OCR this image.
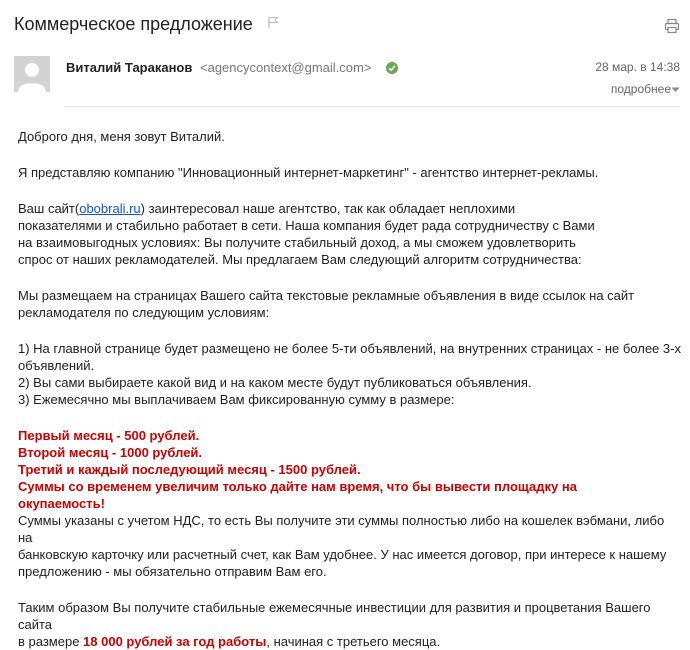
Коммерческое предложение
Виталий Тараканов <agencycontext@gmail.com>	28 мар. в 14:38
подробнее

Доброго дня, меня зовут Виталий.

Я представляю компанию "Инновационный интернет-маркетинг" - агентство интернет-рекламы.

Ваш сайт(obobrali.ru) заинтересовал наше агентство, так как обладает неплохими
показателями и стабильно работает в сети. Наша компания будет рада сотрудничеству с Вами
на взаимовыгодных условиях: Вы получите стабильный доход, а мы сможем удовлетворить
спрос от наших рекламодателей. Мы предлагаем Вам следующий алгоритм сотрудничества:

Мы размещаем на страницах Вашего сайта текстовые рекламные объявления в виде ссылок на сайт
рекламодателя по следующим условиям:

1) На главной странице будет размещено не более 5-ти объявлений, на внутренних страницах - не более 3-х
объявлений.

2) Вы сами выбираете какой вид и на каком месте будут публиковаться объявления.

3) Ежемесячно мы выплачиваем Вам фиксированную сумму в размере:

Первый месяц - 500 рублей.

Второй месяц - 1000 рублей.

Третий и каждый последующий месяц - 1500 рублей.

Суммы со временем увеличим только дайте нам время, что бы вывести площадку на
окупаемость!

Суммы указаны с учетом НДС, то есть Вы получите эти суммы полностью либо на кошелек вэбмани, либо на
банковскую карточку или расчетный счет, как Вам удобнее. У нас имеется договор, при интересе к нашему
предложению - мы обязательно отправим Вам его.

Таким образом Вы получите стабильные ежемесячные инвестиции для развития и процветания Вашего сайта
в размере 18 000 рублей за год работы, начиная с третьего месяца.
